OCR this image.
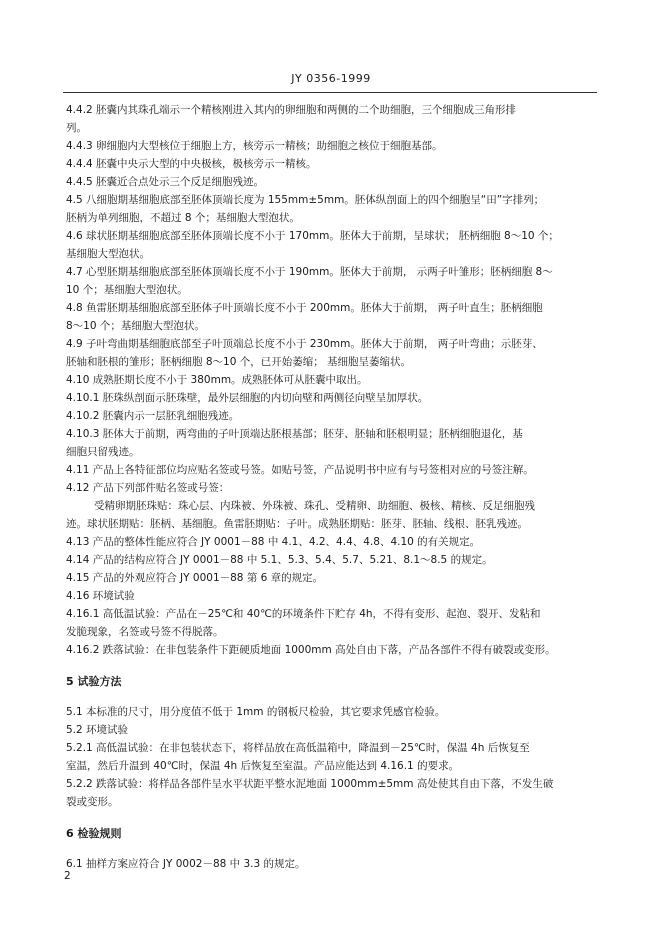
JY 0356-1999
4.4.2 胚囊内其珠孔端示一个精核刚进入其内的卵细胞和两侧的二个助细胞，三个细胞成三角形排
列。
4.4.3 卵细胞内大型核位于细胞上方，核旁示一精核；助细胞之核位于细胞基部。
4.4.4 胚囊中央示大型的中央极核，极核旁示一精核。
4.4.5 胚囊近合点处示三个反足细胞残迹。
4.5 八细胞期基细胞底部至胚体顶端长度为 155mm±5mm。胚体纵剖面上的四个细胞呈“田”字排列；
胚柄为单列细胞，不超过 8 个；基细胞大型泡状。
4.6 球状胚期基细胞底部至胚体顶端长度不小于 170mm。胚体大于前期，呈球状； 胚柄细胞 8～10 个；
基细胞大型泡状。
4.7 心型胚期基细胞底部至胚体顶端长度不小于 190mm。胚体大于前期， 示两子叶雏形；胚柄细胞 8～
10 个；基细胞大型泡状。
4.8 鱼雷胚期基细胞底部至胚体子叶顶端长度不小于 200mm。胚体大于前期， 两子叶直生；胚柄细胞
8～10 个；基细胞大型泡状。
4.9 子叶弯曲期基细胞底部至子叶顶端总长度不小于 230mm。胚体大于前期， 两子叶弯曲；示胚芽、
胚轴和胚根的雏形；胚柄细胞 8～10 个，已开始萎缩； 基细胞呈萎缩状。
4.10 成熟胚期长度不小于 380mm。成熟胚体可从胚囊中取出。
4.10.1 胚珠纵剖面示胚珠壁，最外层细胞的内切向壁和两侧径向壁呈加厚状。
4.10.2 胚囊内示一层胚乳细胞残迹。
4.10.3 胚体大于前期，两弯曲的子叶顶端达胚根基部；胚芽、胚轴和胚根明显；胚柄细胞退化，基
细胞只留残迹。
4.11 产品上各特征部位均应贴名签或号签。如贴号签，产品说明书中应有与号签相对应的号签注解。
4.12 产品下列部件贴名签或号签：
受精卵期胚珠贴：珠心层、内珠被、外珠被、珠孔、受精卵、助细胞、极核、精核、反足细胞残
迹。球状胚期贴：胚柄、基细胞。鱼雷胚期贴：子叶。成熟胚期贴：胚芽、胚轴、线根、胚乳残迹。
4.13 产品的整体性能应符合 JY 0001－88 中 4.1、4.2、4.4、4.8、4.10 的有关规定。
4.14 产品的结构应符合 JY 0001－88 中 5.1、5.3、5.4、5.7、5.21、8.1～8.5 的规定。
4.15 产品的外观应符合 JY 0001－88 第 6 章的规定。
4.16 环境试验
4.16.1 高低温试验：产品在－25℃和 40℃的环境条件下贮存 4h，不得有变形、起泡、裂开、发粘和
发脆现象，名签或号签不得脱落。
4.16.2 跌落试验：在非包装条件下距硬质地面 1000mm 高处自由下落，产品各部件不得有破裂或变形。
5 试验方法
5.1 本标准的尺寸，用分度值不低于 1mm 的钢板尺检验，其它要求凭感官检验。
5.2 环境试验
5.2.1 高低温试验：在非包装状态下，将样品放在高低温箱中，降温到－25℃时，保温 4h 后恢复至
室温，然后升温到 40℃时，保温 4h 后恢复至室温。产品应能达到 4.16.1 的要求。
5.2.2 跌落试验：将样品各部件呈水平状距平整水泥地面 1000mm±5mm 高处使其自由下落，不发生破
裂或变形。
6 检验规则
6.1 抽样方案应符合 JY 0002－88 中 3.3 的规定。
2
